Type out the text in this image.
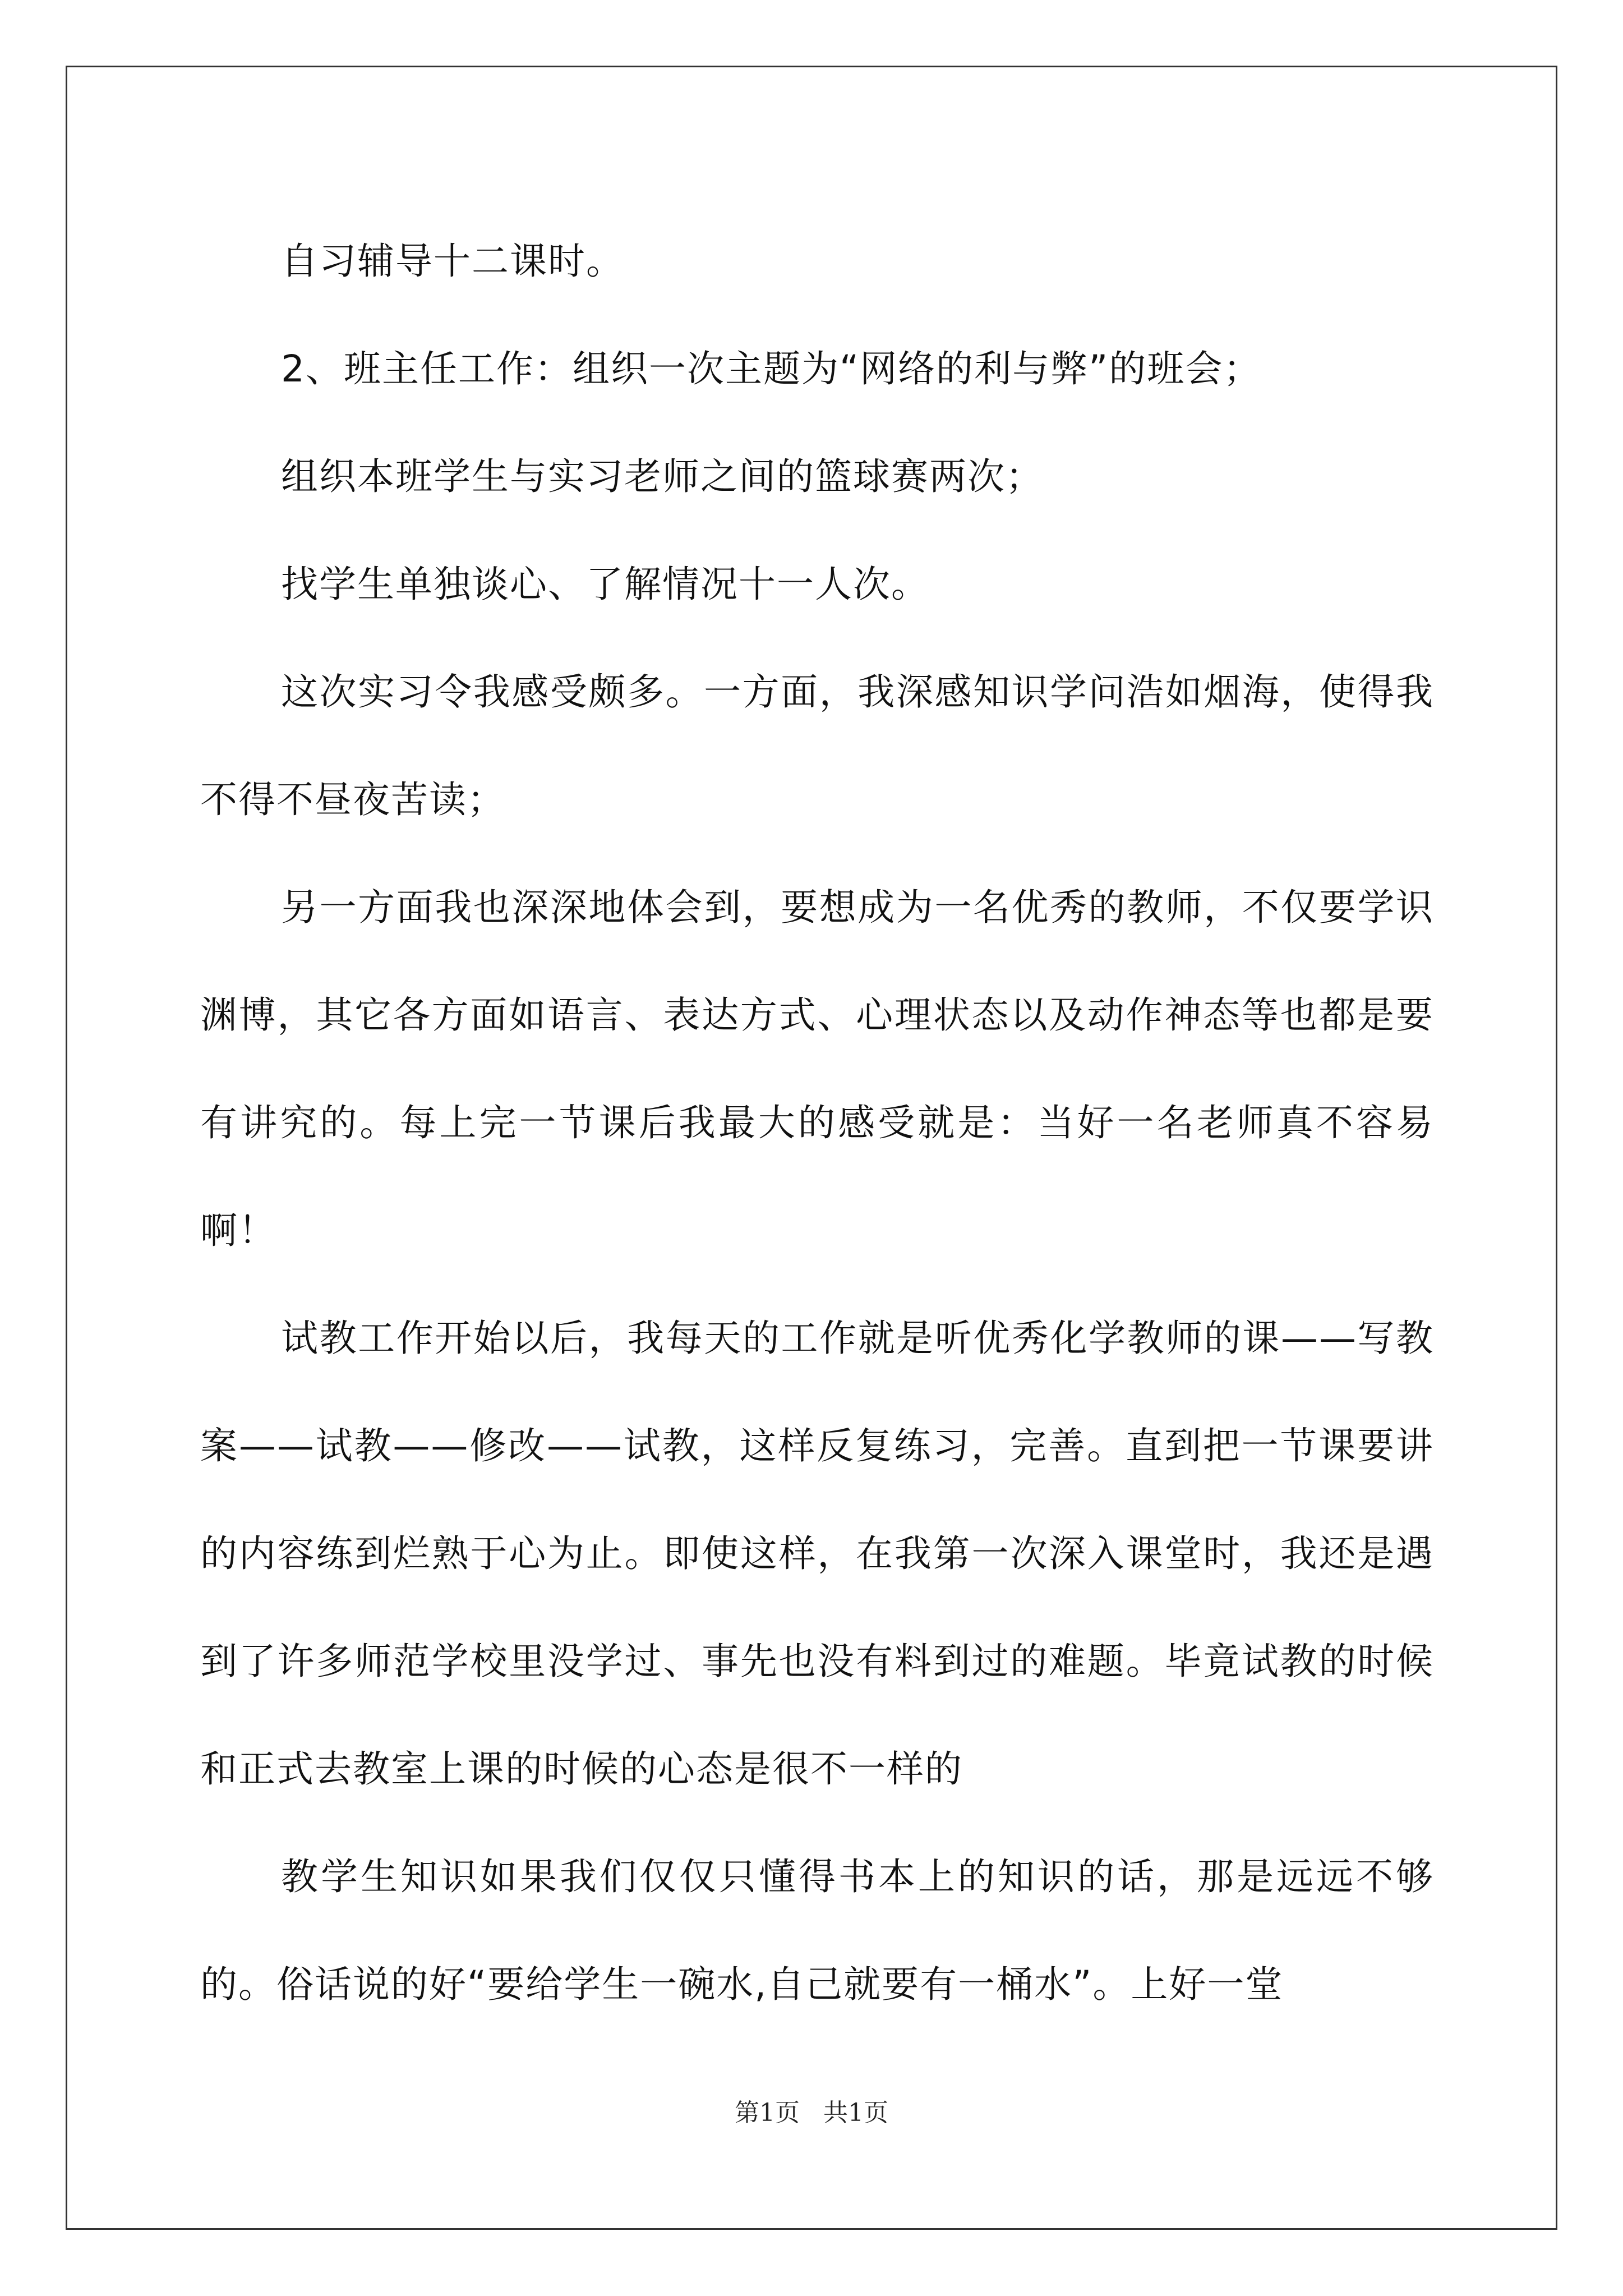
自习辅导十二课时。

2、班主任工作：组织一次主题为“网络的利与弊”的班会；

组织本班学生与实习老师之间的篮球赛两次；

找学生单独谈心、了解情况十一人次。

这次实习令我感受颇多。一方面，我深感知识学问浩如烟海，使得我不得不昼夜苦读；

另一方面我也深深地体会到，要想成为一名优秀的教师，不仅要学识渊博，其它各方面如语言、表达方式、心理状态以及动作神态等也都是要有讲究的。每上完一节课后我最大的感受就是：当好一名老师真不容易啊！

试教工作开始以后，我每天的工作就是听优秀化学教师的课——写教案——试教——修改——试教，这样反复练习，完善。直到把一节课要讲的内容练到烂熟于心为止。即使这样，在我第一次深入课堂时，我还是遇到了许多师范学校里没学过、事先也没有料到过的难题。毕竟试教的时候和正式去教室上课的时候的心态是很不一样的

教学生知识如果我们仅仅只懂得书本上的知识的话，那是远远不够的。俗话说的好“要给学生一碗水,自己就要有一桶水”。上好一堂

第1页 共1页
